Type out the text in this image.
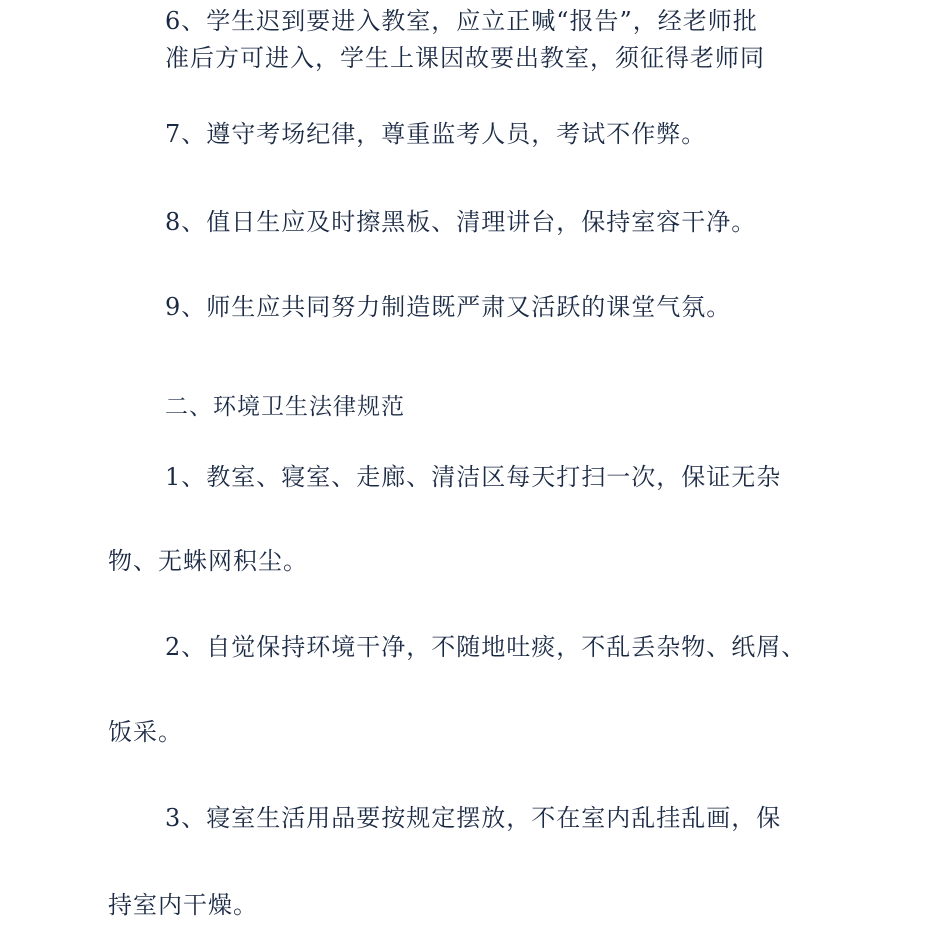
6、学生迟到要进入教室，应立正喊“报告”，经老师批
准后方可进入，学生上课因故要出教室，须征得老师同
7、遵守考场纪律，尊重监考人员，考试不作弊。
8、值日生应及时擦黑板、清理讲台，保持室容干净。
9、师生应共同努力制造既严肃又活跃的课堂气氛。
二、环境卫生法律规范
1、教室、寝室、走廊、清洁区每天打扫一次，保证无杂
物、无蛛网积尘。
2、自觉保持环境干净，不随地吐痰，不乱丢杂物、纸屑、
饭采。
3、寝室生活用品要按规定摆放，不在室内乱挂乱画，保
持室内干燥。
